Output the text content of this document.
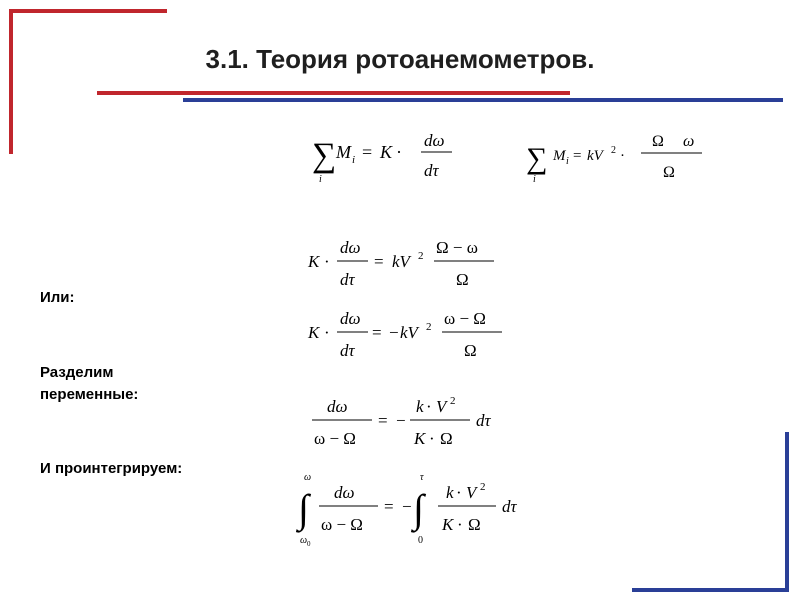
3.1. Теория ротоанемометров.
Или:
Разделим
переменные:
И проинтегрируем:
∑
i
M i = K ·
dω
dτ	∑
i
M i = kV 2 ·
Ω ω
Ω
K ·
dω
dτ
= kV 2 Ω − ω
Ω
K ·
dω
dτ
= − kV 2 ω − Ω
Ω
dω
ω − Ω
= −
k · V 2
K · Ω
dτ
∫
ω
ω 0
dω
ω − Ω
= − ∫
τ
0
k · V 2
K · Ω
dτ
